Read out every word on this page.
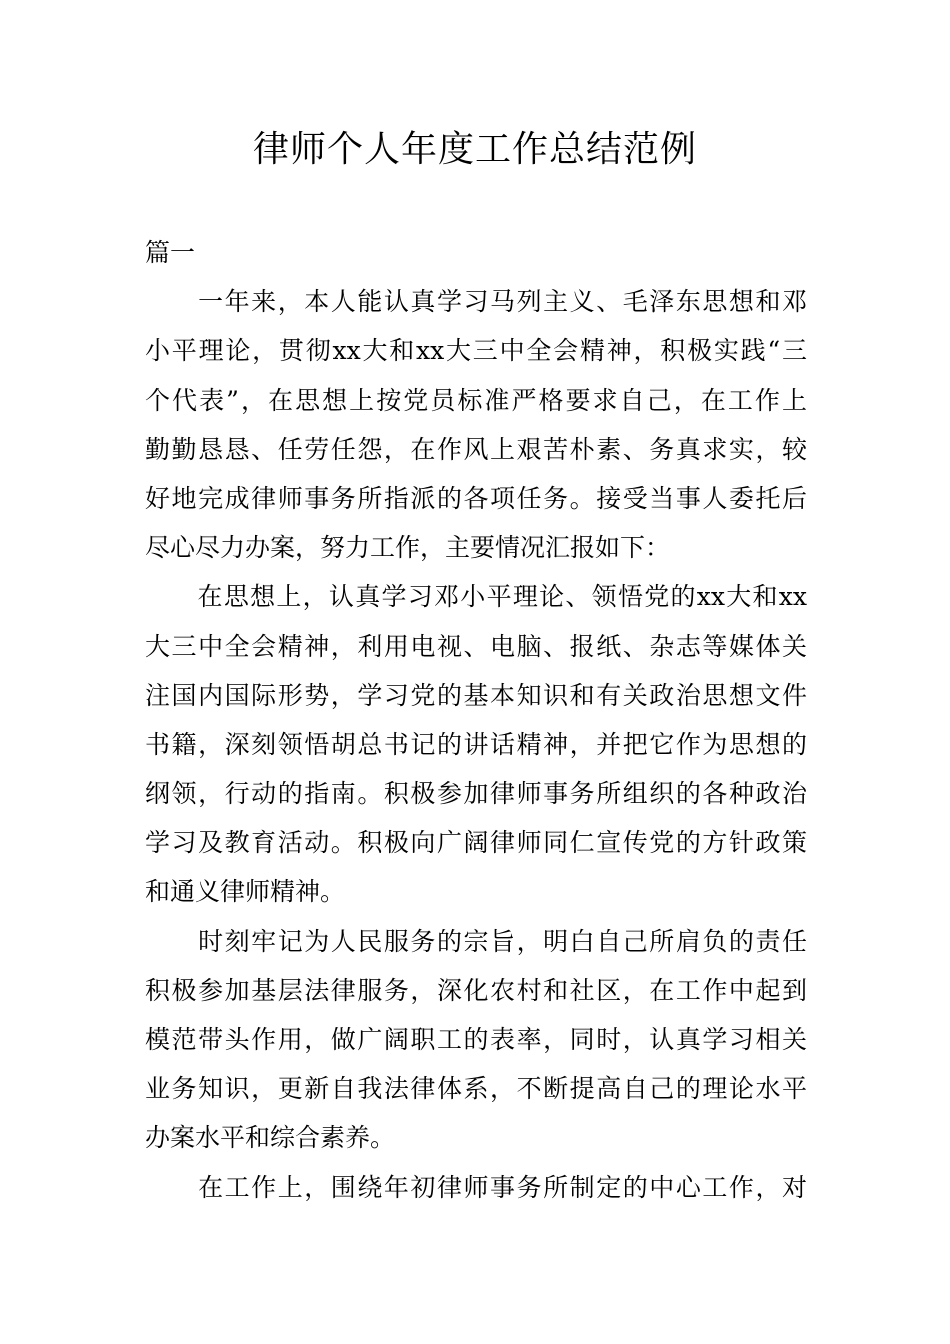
律师个人年度工作总结范例

篇一

　　一年来，本人能认真学习马列主义、毛泽东思想和邓
小平理论，贯彻xx大和xx大三中全会精神，积极实践“三
个代表”，在思想上按党员标准严格要求自己，在工作上
勤勤恳恳、任劳任怨，在作风上艰苦朴素、务真求实，较
好地完成律师事务所指派的各项任务。接受当事人委托后
尽心尽力办案，努力工作，主要情况汇报如下：
　　在思想上，认真学习邓小平理论、领悟党的xx大和xx
大三中全会精神，利用电视、电脑、报纸、杂志等媒体关
注国内国际形势，学习党的基本知识和有关政治思想文件
书籍，深刻领悟胡总书记的讲话精神，并把它作为思想的
纲领，行动的指南。积极参加律师事务所组织的各种政治
学习及教育活动。积极向广阔律师同仁宣传党的方针政策
和通义律师精神。
　　时刻牢记为人民服务的宗旨，明白自己所肩负的责任
积极参加基层法律服务，深化农村和社区，在工作中起到
模范带头作用，做广阔职工的表率，同时，认真学习相关
业务知识，更新自我法律体系，不断提高自己的理论水平
办案水平和综合素养。
　　在工作上，围绕年初律师事务所制定的中心工作，对
